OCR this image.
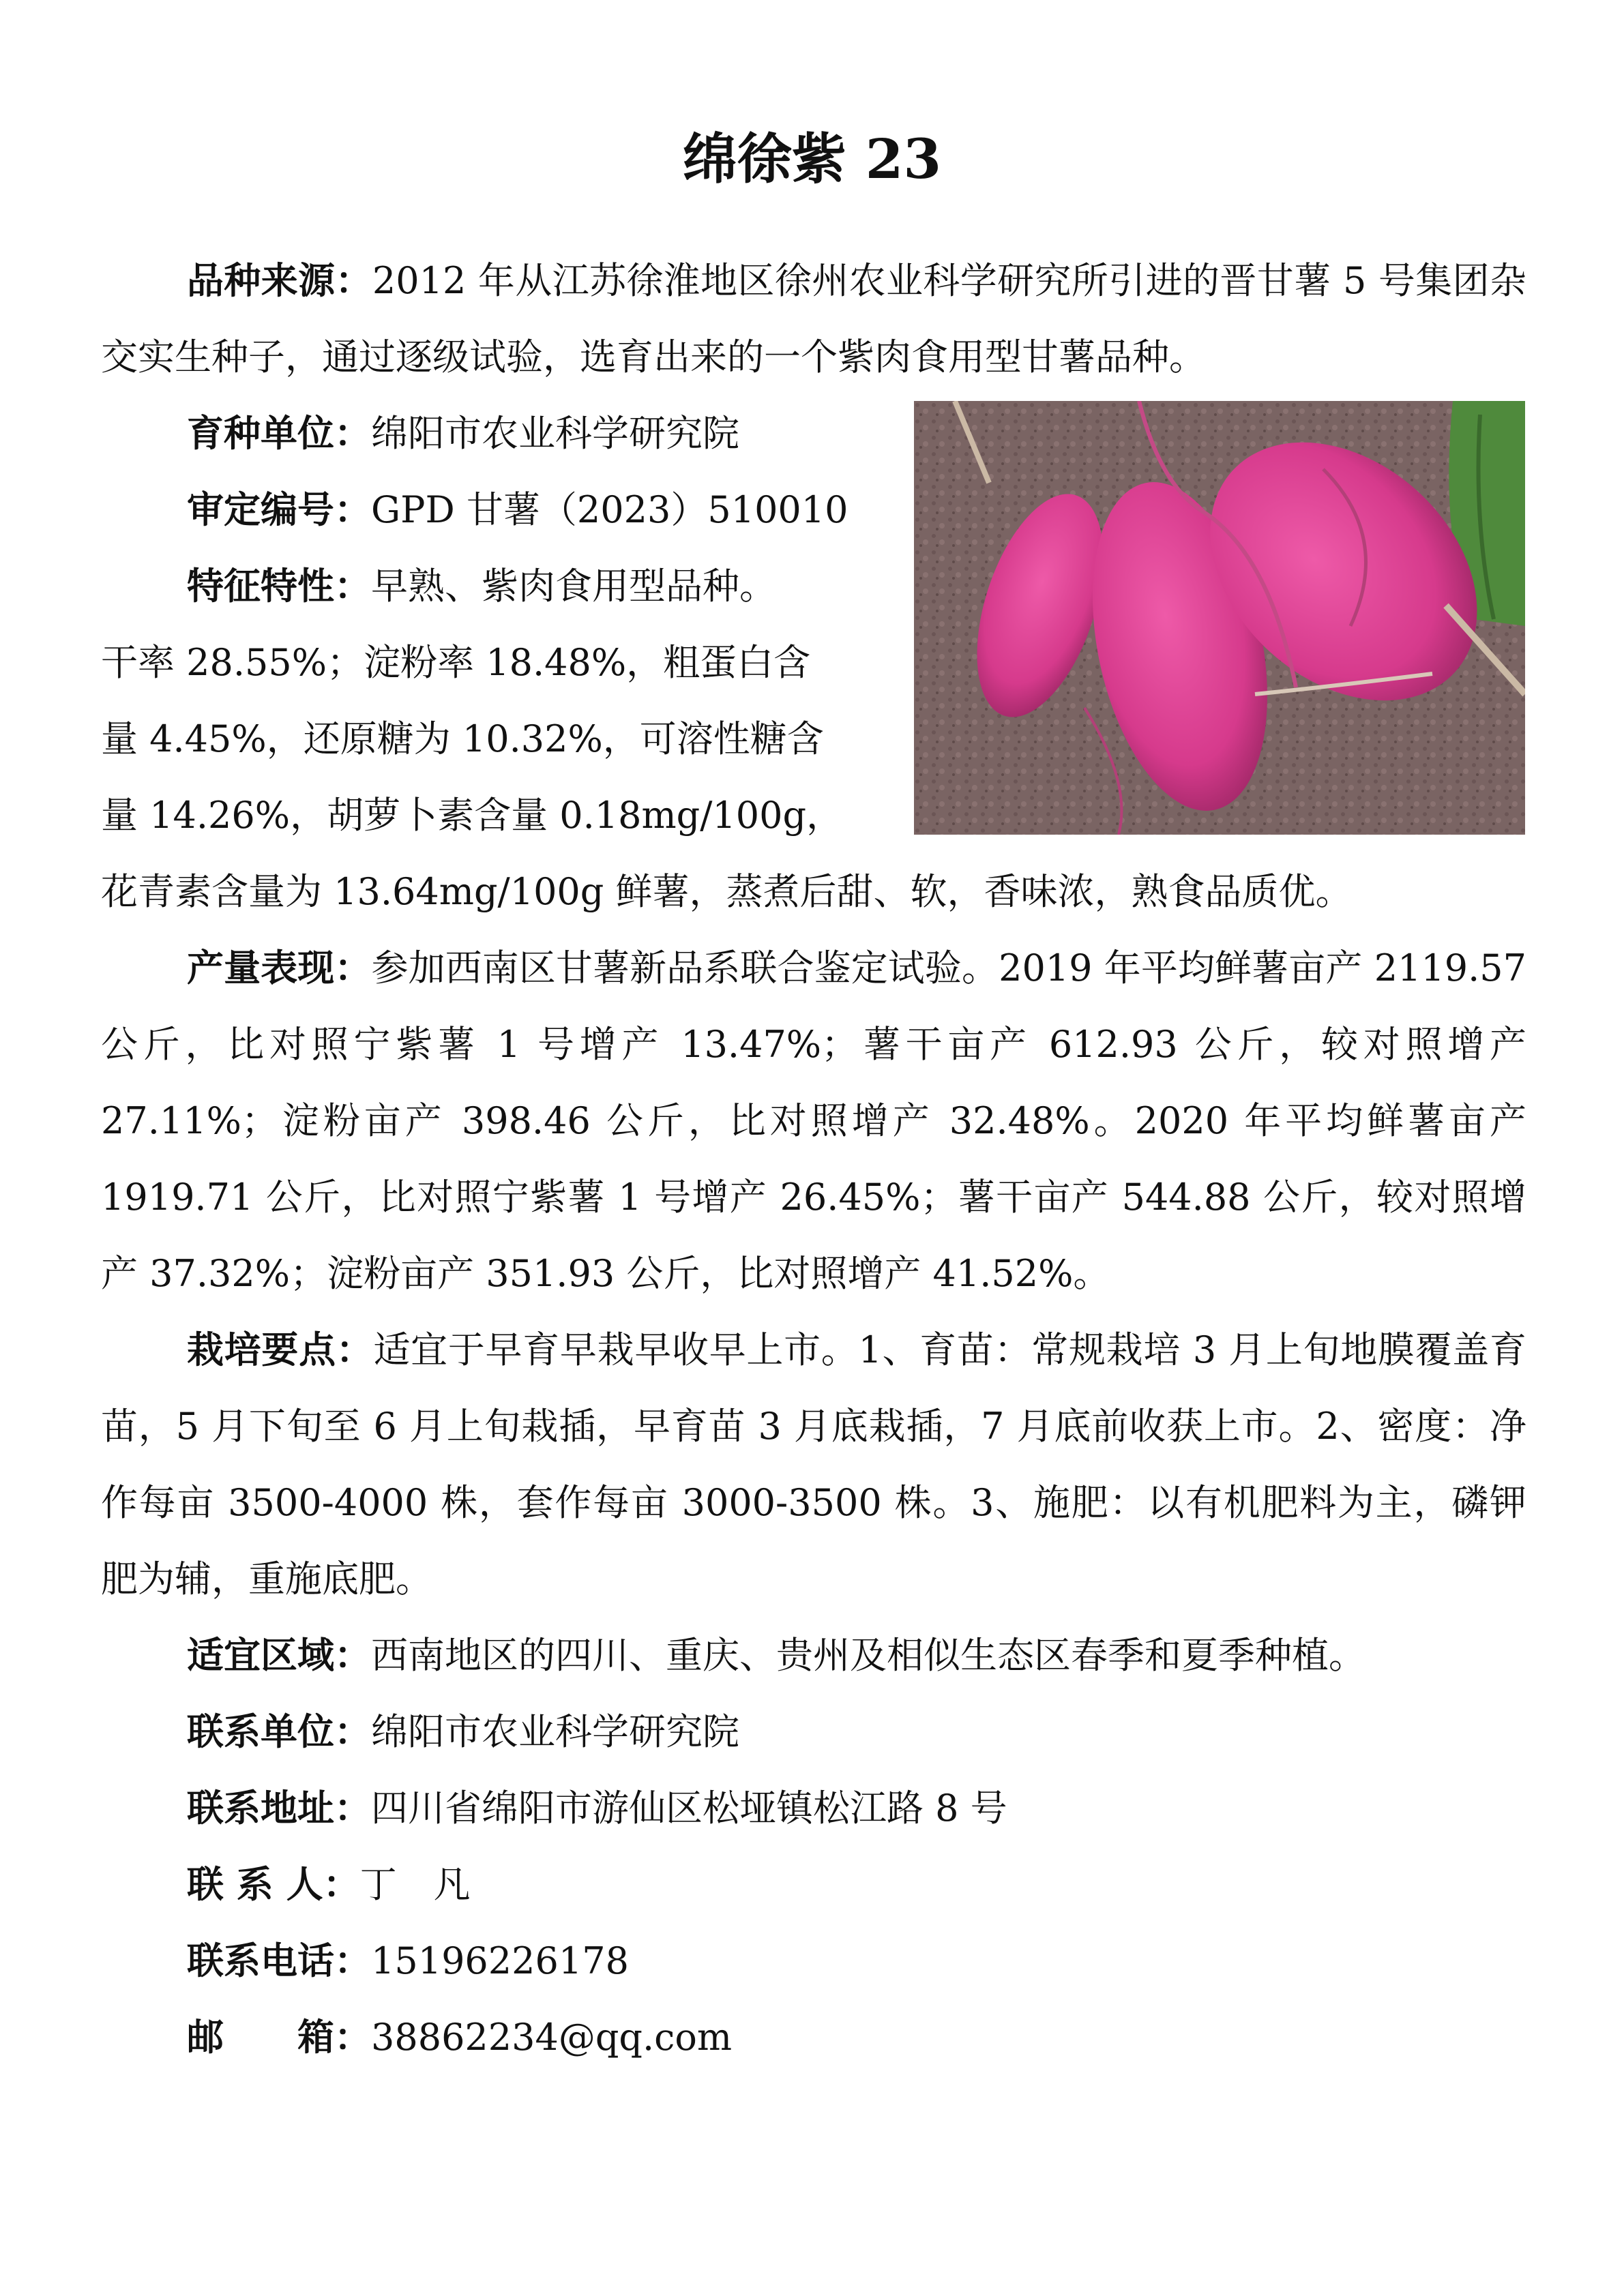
绵徐紫 23
品种来源：2012 年从江苏徐淮地区徐州农业科学研究所引进的晋甘薯 5 号集团杂交实生种子，通过逐级试验，选育出来的一个紫肉食用型甘薯品种。
育种单位：绵阳市农业科学研究院
审定编号：GPD 甘薯（2023）510010
特征特性：早熟、紫肉食用型品种。
干率 28.55%；淀粉率 18.48%，粗蛋白含
量 4.45%，还原糖为 10.32%，可溶性糖含
量 14.26%，胡萝卜素含量 0.18mg/100g，
花青素含量为 13.64mg/100g 鲜薯，蒸煮后甜、软，香味浓，熟食品质优。
产量表现：参加西南区甘薯新品系联合鉴定试验。2019 年平均鲜薯亩产 2119.57 公斤，比对照宁紫薯 1 号增产 13.47%；薯干亩产 612.93 公斤，较对照增产 27.11%；淀粉亩产 398.46 公斤，比对照增产 32.48%。2020 年平均鲜薯亩产 1919.71 公斤，比对照宁紫薯 1 号增产 26.45%；薯干亩产 544.88 公斤，较对照增产 37.32%；淀粉亩产 351.93 公斤，比对照增产 41.52%。
栽培要点：适宜于早育早栽早收早上市。1、育苗：常规栽培 3 月上旬地膜覆盖育苗，5 月下旬至 6 月上旬栽插，早育苗 3 月底栽插，7 月底前收获上市。2、密度：净作每亩 3500-4000 株，套作每亩 3000-3500 株。3、施肥：以有机肥料为主，磷钾肥为辅，重施底肥。
适宜区域：西南地区的四川、重庆、贵州及相似生态区春季和夏季种植。
联系单位：绵阳市农业科学研究院
联系地址：四川省绵阳市游仙区松垭镇松江路 8 号
联 系 人：丁　凡
联系电话：15196226178
邮　　箱：38862234@qq.com
